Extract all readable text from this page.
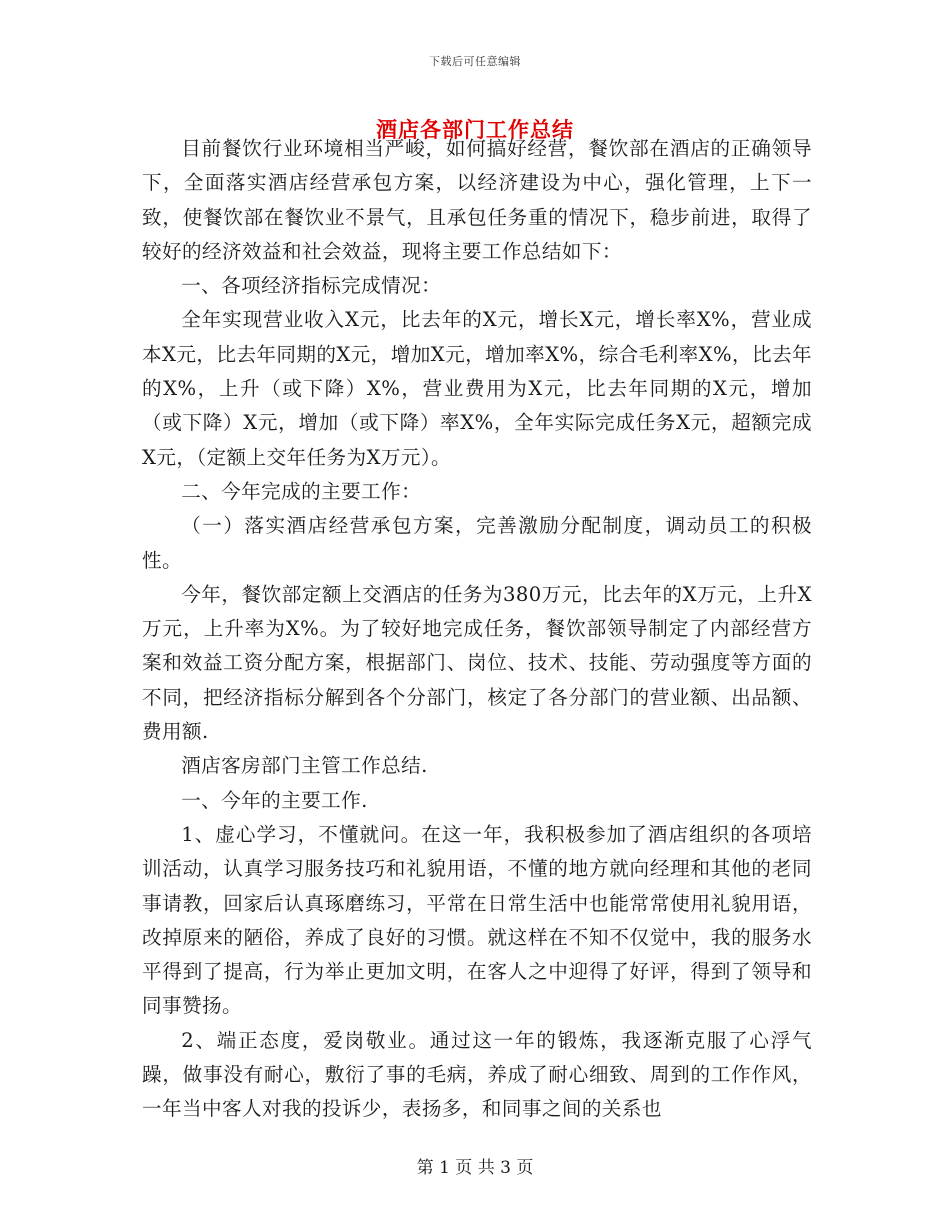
下载后可任意编辑
酒店各部门工作总结

目前餐饮行业环境相当严峻，如何搞好经营，餐饮部在酒店的正确领导下，全面落实酒店经营承包方案，以经济建设为中心，强化管理，上下一致，使餐饮部在餐饮业不景气，且承包任务重的情况下，稳步前进，取得了较好的经济效益和社会效益，现将主要工作总结如下：

一、各项经济指标完成情况：

全年实现营业收入X元，比去年的X元，增长X元，增长率X%，营业成本X元，比去年同期的X元，增加X元，增加率X%，综合毛利率X%，比去年的X%，上升（或下降）X%，营业费用为X元，比去年同期的X元，增加（或下降）X元，增加（或下降）率X%，全年实际完成任务X元，超额完成X元，（定额上交年任务为X万元）。

二、今年完成的主要工作：

（一）落实酒店经营承包方案，完善激励分配制度，调动员工的积极性。

今年，餐饮部定额上交酒店的任务为380万元，比去年的X万元，上升X万元，上升率为X%。为了较好地完成任务，餐饮部领导制定了内部经营方案和效益工资分配方案，根据部门、岗位、技术、技能、劳动强度等方面的不同，把经济指标分解到各个分部门，核定了各分部门的营业额、出品额、费用额.

酒店客房部门主管工作总结.

一、今年的主要工作.

1、虚心学习，不懂就问。在这一年，我积极参加了酒店组织的各项培训活动，认真学习服务技巧和礼貌用语，不懂的地方就向经理和其他的老同事请教，回家后认真琢磨练习，平常在日常生活中也能常常使用礼貌用语，改掉原来的陋俗，养成了良好的习惯。就这样在不知不仅觉中，我的服务水平得到了提高，行为举止更加文明，在客人之中迎得了好评，得到了领导和同事赞扬。

2、端正态度，爱岗敬业。通过这一年的锻炼，我逐渐克服了心浮气躁，做事没有耐心，敷衍了事的毛病，养成了耐心细致、周到的工作作风，一年当中客人对我的投诉少，表扬多，和同事之间的关系也

第 1 页 共 3 页
